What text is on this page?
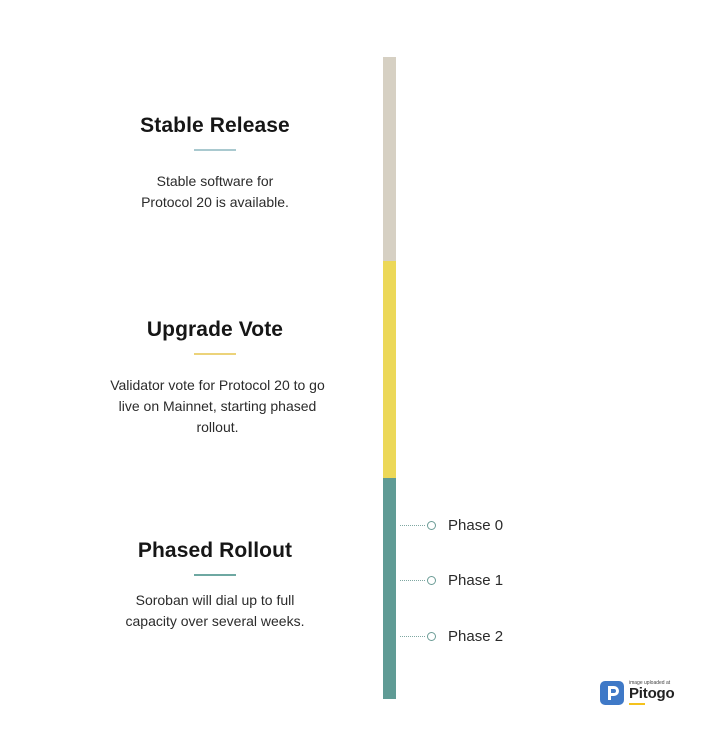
Stable Release
Stable software for Protocol 20 is available.
Upgrade Vote
Validator vote for Protocol 20 to go live on Mainnet, starting phased rollout.
Phased Rollout
Soroban will dial up to full capacity over several weeks.
Phase 0
Phase 1
Phase 2
image uploaded at
Pitogo
